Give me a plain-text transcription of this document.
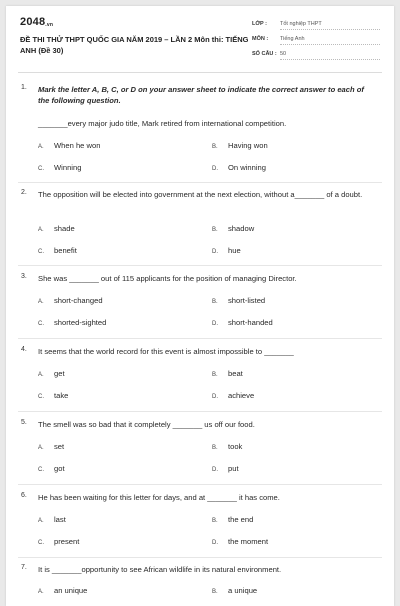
$2048_{.vn}$
ĐỀ THI THỬ THPT QUỐC GIA NĂM 2019 – LẦN 2 Môn thi: TIẾNG ANH (Đề 30)
LỚP : Tốt nghiệp THPT
MÔN : Tiếng Anh
SỐ CÂU : 50
1. Mark the letter A, B, C, or D on your answer sheet to indicate the correct answer to each of the following question.
_______every major judo title, Mark retired from international competition.
A. When he won	B. Having won
C. Winning	D. On winning
2. The opposition will be elected into government at the next election, without a_______ of a doubt.
A. shade	B. shadow
C. benefit	D. hue
3. She was _______ out of 115 applicants for the position of managing Director.
A. short-changed	B. short-listed
C. shorted-sighted	D. short-handed
4. It seems that the world record for this event is almost impossible to _______
A. get	B. beat
C. take	D. achieve
5. The smell was so bad that it completely _______ us off our food.
A. set	B. took
C. got	D. put
6. He has been waiting for this letter for days, and at _______ it has come.
A. last	B. the end
C. present	D. the moment
7. It is _______opportunity to see African wildlife in its natural environment.
A. an unique	B. a unique
